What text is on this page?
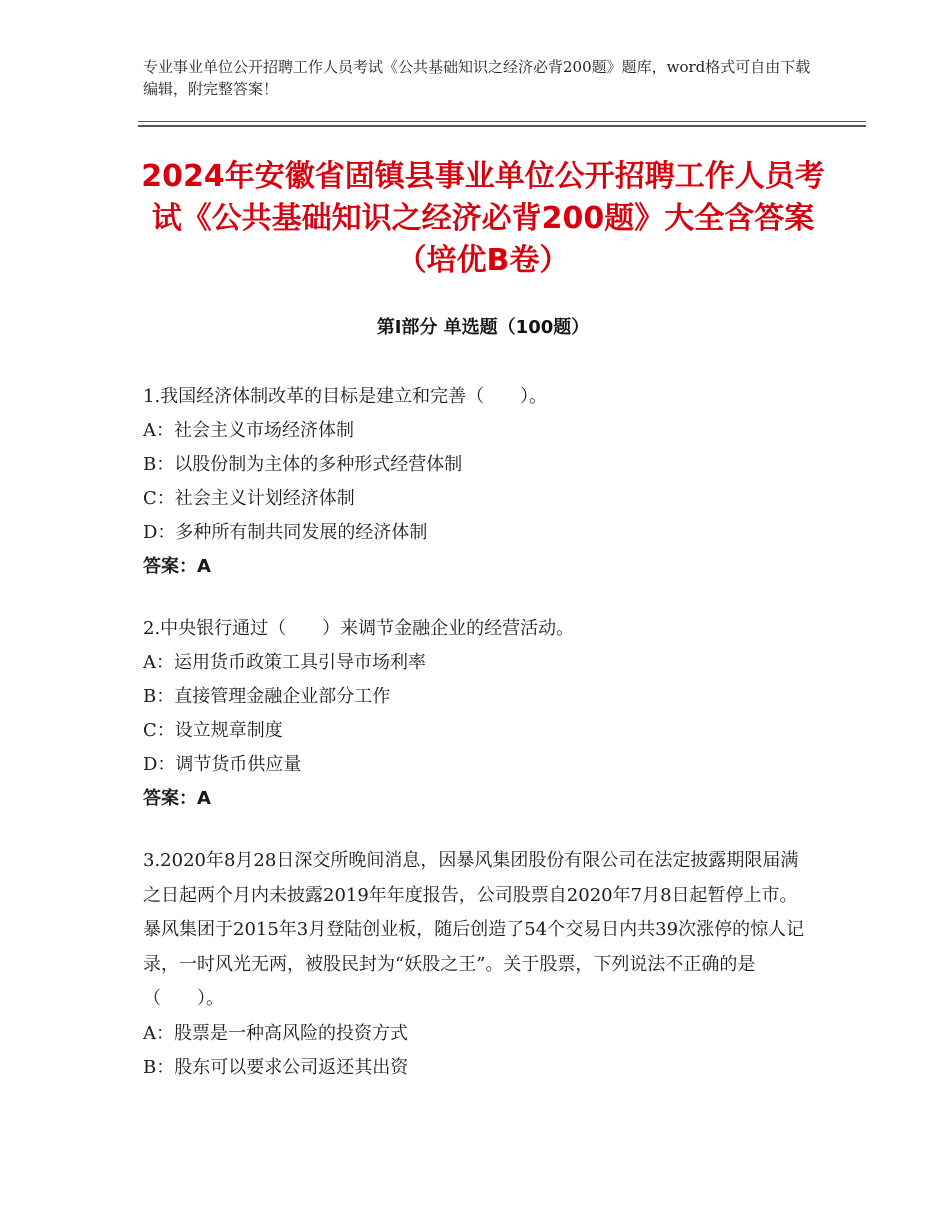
专业事业单位公开招聘工作人员考试《公共基础知识之经济必背200题》题库，word格式可自由下载编辑，附完整答案！
2024年安徽省固镇县事业单位公开招聘工作人员考试《公共基础知识之经济必背200题》大全含答案（培优B卷）
第I部分 单选题（100题）

1.我国经济体制改革的目标是建立和完善（　　）。

A：社会主义市场经济体制

B：以股份制为主体的多种形式经营体制

C：社会主义计划经济体制

D：多种所有制共同发展的经济体制

答案：A

2.中央银行通过（　　）来调节金融企业的经营活动。

A：运用货币政策工具引导市场利率

B：直接管理金融企业部分工作

C：设立规章制度

D：调节货币供应量

答案：A

3.2020年8月28日深交所晚间消息，因暴风集团股份有限公司在法定披露期限届满之日起两个月内未披露2019年年度报告，公司股票自2020年7月8日起暂停上市。暴风集团于2015年3月登陆创业板，随后创造了54个交易日内共39次涨停的惊人记录，一时风光无两，被股民封为“妖股之王”。关于股票，下列说法不正确的是（　　）。

A：股票是一种高风险的投资方式

B：股东可以要求公司返还其出资
